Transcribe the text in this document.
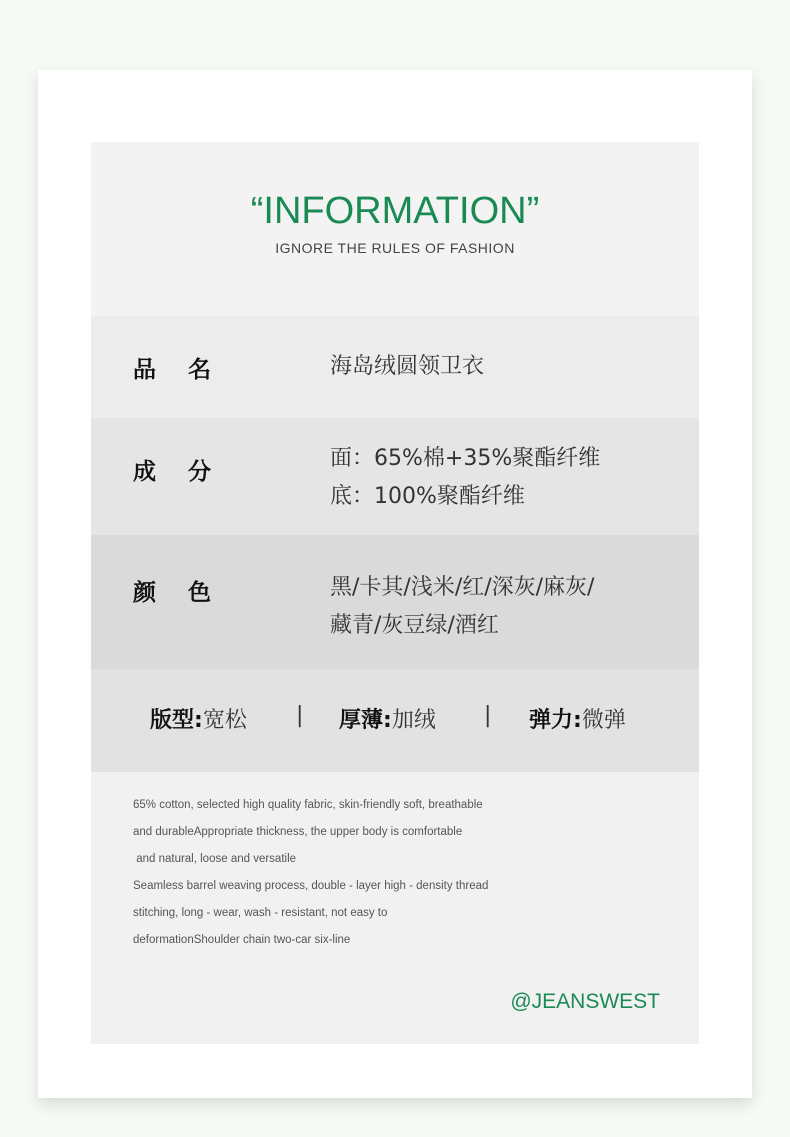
“INFORMATION”
IGNORE THE RULES OF FASHION
品名	海岛绒圆领卫衣
成分
面：65%棉+35%聚酯纤维
底：100%聚酯纤维
颜色	黑/卡其/浅米/红/深灰/麻灰/
藏青/灰豆绿/酒红
版型:宽松 | 厚薄:加绒 | 弹力:微弹
65% cotton, selected high quality fabric, skin-friendly soft, breathable
and durableAppropriate thickness, the upper body is comfortable
and natural, loose and versatile
Seamless barrel weaving process, double - layer high - density thread
stitching, long - wear, wash - resistant, not easy to
deformationShoulder chain two-car six-line
@JEANSWEST
